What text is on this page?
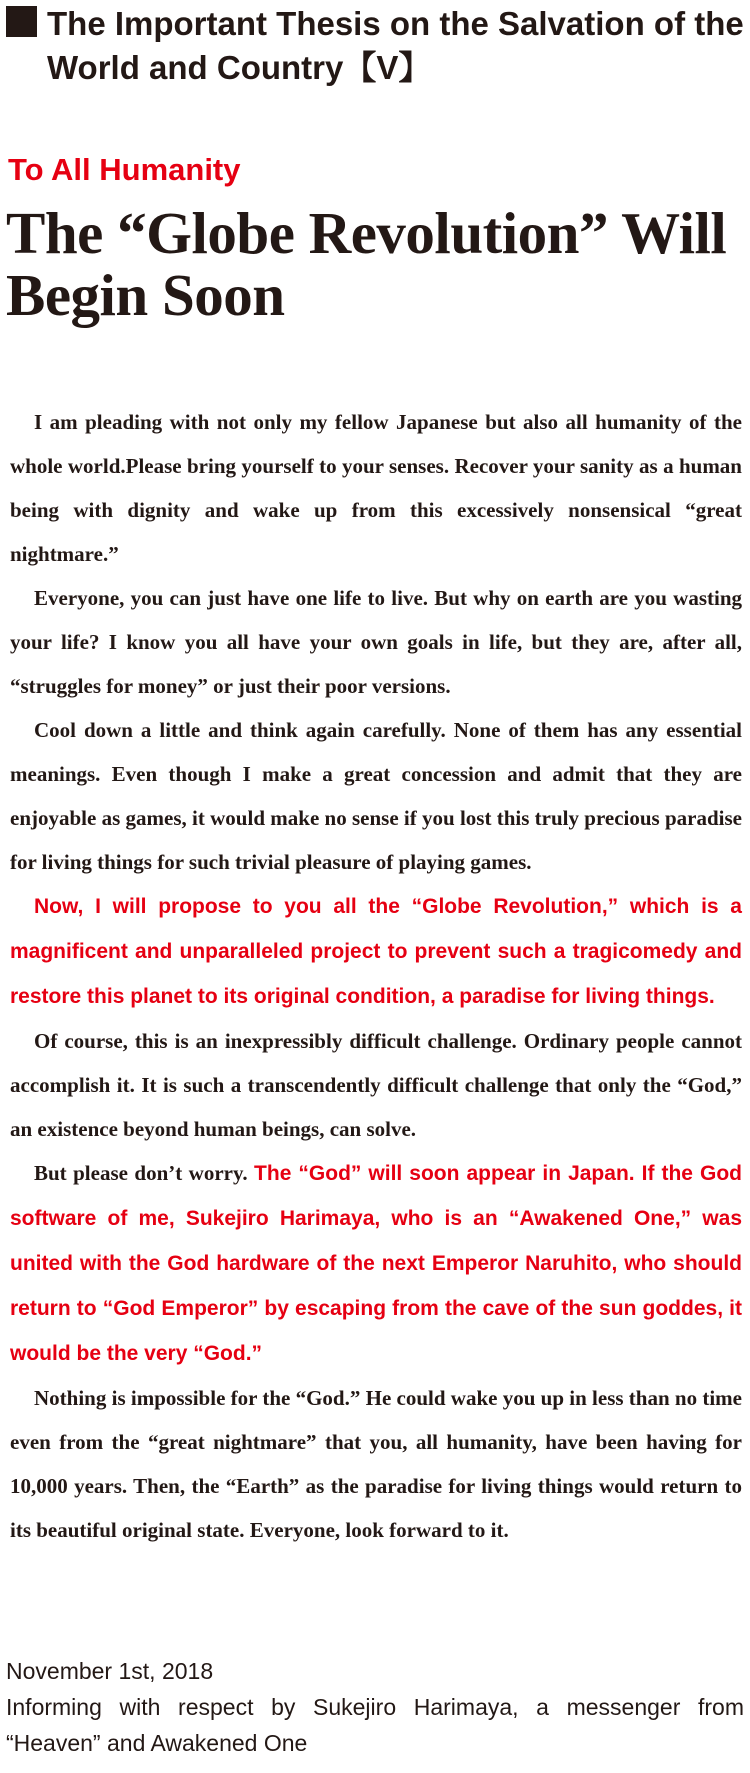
The Important Thesis on the Salvation of the World and Country【V】
To All Humanity
The “Globe Revolution” Will Begin Soon

I am pleading with not only my fellow Japanese but also all humanity of the whole world.Please bring yourself to your senses. Recover your sanity as a human being with dignity and wake up from this excessively nonsensical “great nightmare.”

Everyone, you can just have one life to live. But why on earth are you wasting your life? I know you all have your own goals in life, but they are, after all, “struggles for money” or just their poor versions.

Cool down a little and think again carefully. None of them has any essential meanings. Even though I make a great concession and admit that they are enjoyable as games, it would make no sense if you lost this truly precious paradise for living things for such trivial pleasure of playing games.

Now, I will propose to you all the “Globe Revolution,” which is a magnificent and unparalleled project to prevent such a tragicomedy and restore this planet to its original condition, a paradise for living things.

Of course, this is an inexpressibly difficult challenge. Ordinary people cannot accomplish it. It is such a transcendently difficult challenge that only the “God,” an existence beyond human beings, can solve.

But please don’t worry. The “God” will soon appear in Japan. If the God software of me, Sukejiro Harimaya, who is an “Awakened One,” was united with the God hardware of the next Emperor Naruhito, who should return to “God Emperor” by escaping from the cave of the sun goddes, it would be the very “God.”

Nothing is impossible for the “God.” He could wake you up in less than no time even from the “great nightmare” that you, all humanity, have been having for 10,000 years. Then, the “Earth” as the paradise for living things would return to its beautiful original state. Everyone, look forward to it.

November 1st, 2018
Informing with respect by Sukejiro Harimaya, a messenger from “Heaven” and Awakened One
